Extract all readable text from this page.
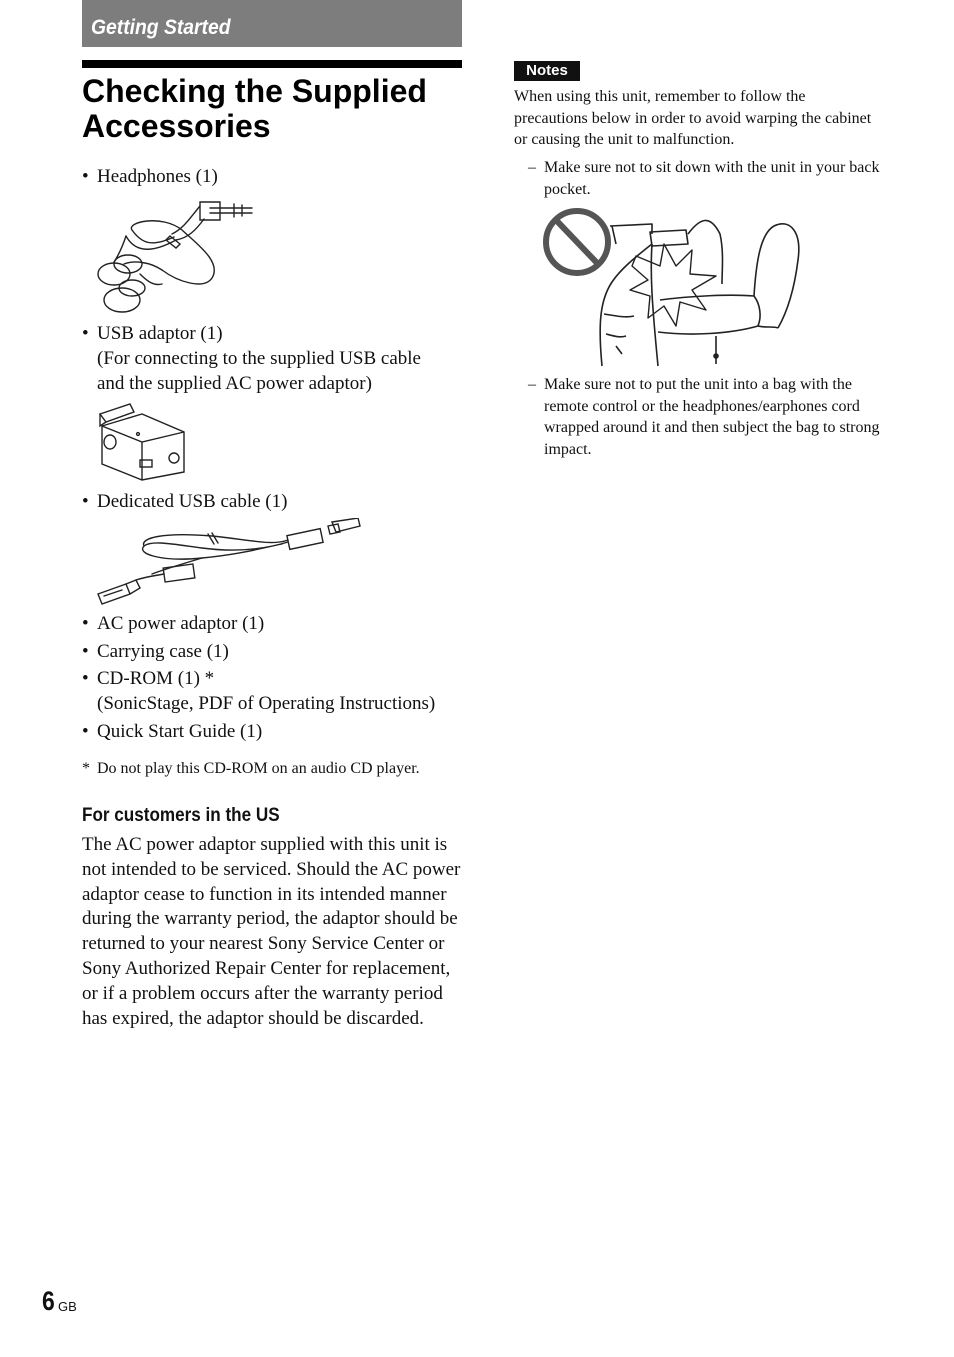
Getting Started
Checking the Supplied Accessories
• Headphones (1)
• USB adaptor (1)
(For connecting to the supplied USB cable
and the supplied AC power adaptor)
• Dedicated USB cable (1)
• AC power adaptor (1)
• Carrying case (1)
• CD-ROM (1) *
(SonicStage, PDF of Operating Instructions)
• Quick Start Guide (1)
* Do not play this CD-ROM on an audio CD player.
For customers in the US

The AC power adaptor supplied with this unit is not intended to be serviced. Should the AC power adaptor cease to function in its intended manner during the warranty period, the adaptor should be returned to your nearest Sony Service Center or Sony Authorized Repair Center for replacement, or if a problem occurs after the warranty period has expired, the adaptor should be discarded.

Notes

When using this unit, remember to follow the precautions below in order to avoid warping the cabinet or causing the unit to malfunction.

– Make sure not to sit down with the unit in your back pocket.
– Make sure not to put the unit into a bag with the remote control or the headphones/earphones cord wrapped around it and then subject the bag to strong impact.
6 GB
